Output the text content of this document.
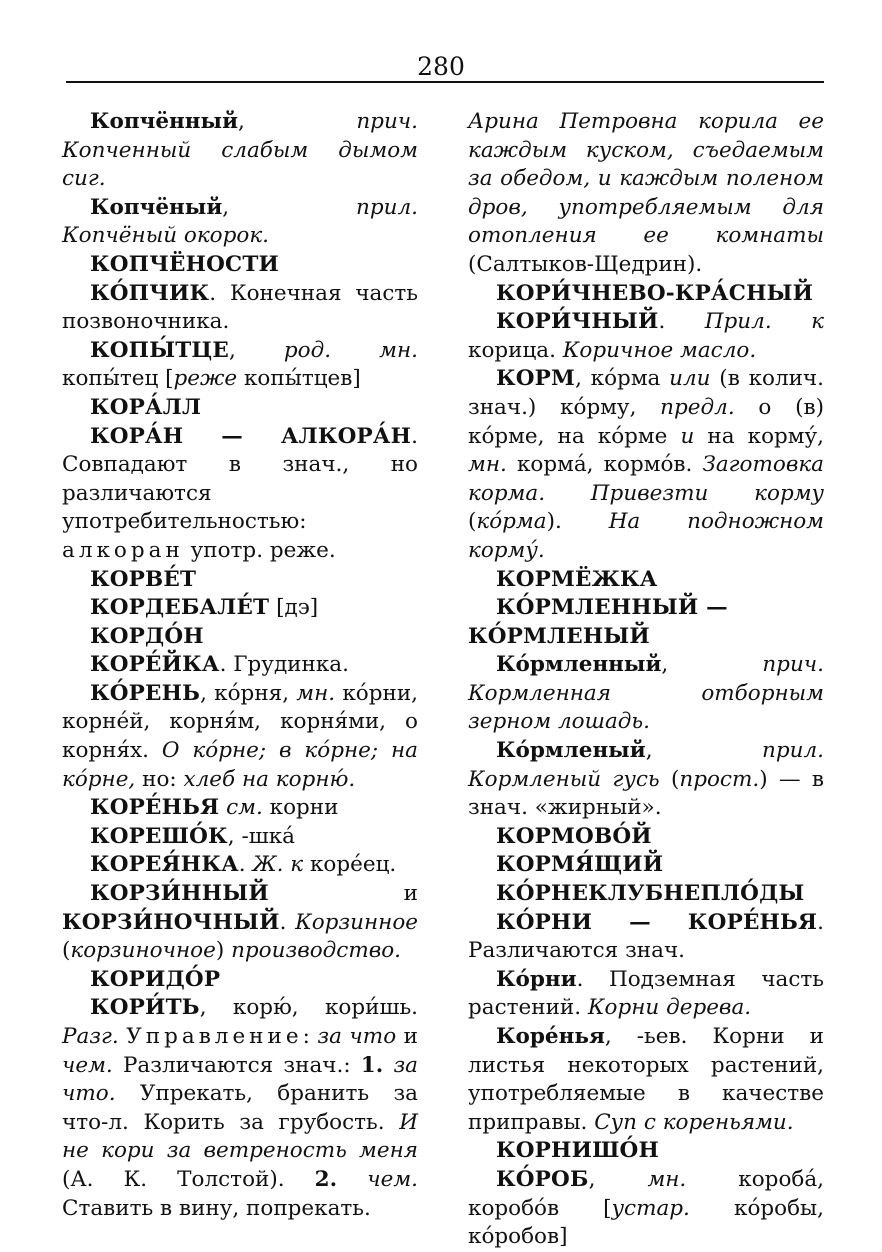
280

Копчённый, прич. Копченный слабым дымом сиг.

Копчёный, прил. Копчёный окорок.

КОПЧЁНОСТИ

КО́ПЧИК. Конечная часть позвоночника.

КОПЫ́ТЦЕ, род. мн. копы́тец [реже копы́тцев]

КОРА́ЛЛ

КОРА́Н — АЛКОРА́Н. Совпадают в знач., но различаются употребительностью: алкоран употр. реже.

КОРВЕ́Т

КОРДЕБАЛЕ́Т [дэ]

КОРДО́Н

КОРЕ́ЙКА. Грудинка.

КО́РЕНЬ, ко́рня, мн. ко́рни, корне́й, корня́м, корня́ми, о корня́х. О ко́рне; в ко́рне; на ко́рне, но: хлеб на корню́.

КОРЕ́НЬЯ см. корни

КОРЕШО́К, -шка́

КОРЕЯ́НКА. Ж. к коре́ец.

КОРЗИ́ННЫЙ и КОРЗИ́НОЧНЫЙ. Корзинное (корзиночное) производство.

КОРИДО́Р

КОРИ́ТЬ, корю́, кори́шь. Разг. Управление: за что и чем. Различаются знач.: 1. за что. Упрекать, бранить за что-л. Корить за грубость. И не кори за ветреность меня (А. К. Толстой). 2. чем. Ставить в вину, попрекать.

Арина Петровна корила ее каждым куском, съедаемым за обедом, и каждым поленом дров, употребляемым для отопления ее комнаты (Салтыков-Щедрин).

КОРИ́ЧНЕВО-КРА́СНЫЙ

КОРИ́ЧНЫЙ. Прил. к корица. Коричное масло.

КОРМ, ко́рма или (в колич. знач.) ко́рму, предл. о (в) ко́рме, на ко́рме и на корму́, мн. корма́, кормо́в. Заготовка корма. Привезти корму (ко́рма). На подножном корму́.

КОРМЁЖКА

КО́РМЛЕННЫЙ — КО́РМЛЕНЫЙ

Ко́рмленный, прич. Кормленная отборным зерном лошадь.

Ко́рмленый, прил. Кормленый гусь (прост.) — в знач. «жирный».

КОРМОВО́Й

КОРМЯ́ЩИЙ

КО́РНЕКЛУБНЕПЛО́ДЫ

КО́РНИ — КОРЕ́НЬЯ. Различаются знач.

Ко́рни. Подземная часть растений. Корни дерева.

Коре́нья, -ьев. Корни и листья некоторых растений, употребляемые в качестве приправы. Суп с кореньями.

КОРНИШО́Н

КО́РОБ, мн. короба́, коробо́в [устар. ко́робы, ко́робов]
